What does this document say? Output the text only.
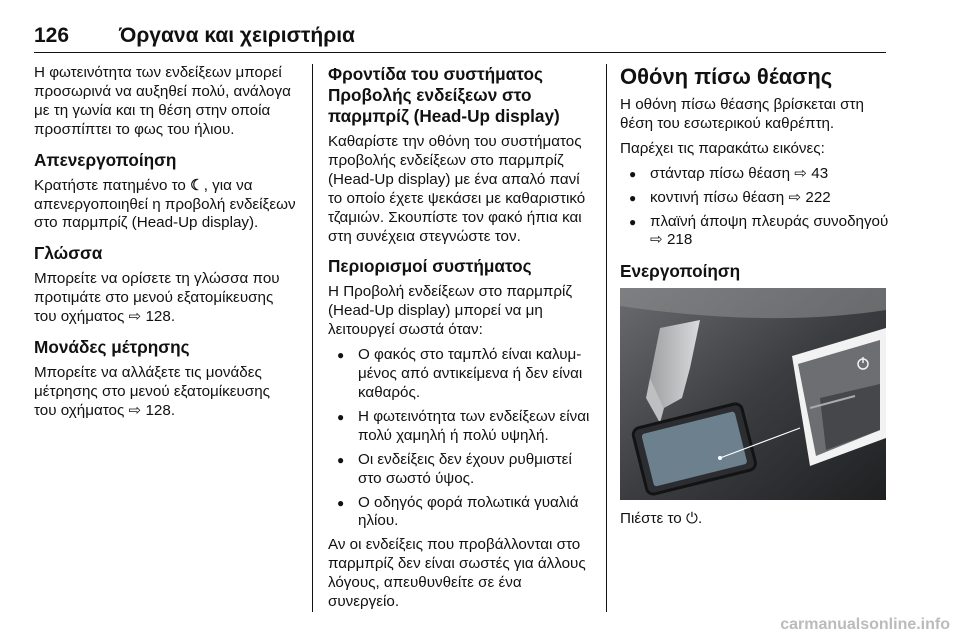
126 Όργανα και χειριστήρια

Η φωτεινότητα των ενδείξεων μπορεί προσωρινά να αυξηθεί πολύ, ανάλογα με τη γωνία και τη θέση στην οποία προσπίπτει το φως του ήλιου.

Απενεργοποίηση

Κρατήστε πατημένο το ☾, για να απενεργοποιηθεί η προβολή ενδείξεων στο παρμπρίζ (Head-Up display).

Γλώσσα

Μπορείτε να ορίσετε τη γλώσσα που προτιμάτε στο μενού εξατομίκευσης του οχήματος ⇨ 128.

Μονάδες μέτρησης

Μπορείτε να αλλάξετε τις μονάδες μέτρησης στο μενού εξατομίκευσης του οχήματος ⇨ 128.

Φροντίδα του συστήματος Προβολής ενδείξεων στο παρμπρίζ (Head-Up display)

Καθαρίστε την οθόνη του συστήματος προβολής ενδείξεων στο παρμπρίζ (Head-Up display) με ένα απαλό πανί το οποίο έχετε ψεκάσει με καθαριστικό τζαμιών. Σκουπίστε τον φακό ήπια και στη συνέχεια στεγνώστε τον.

Περιορισμοί συστήματος

Η Προβολή ενδείξεων στο παρμπρίζ (Head-Up display) μπορεί να μη λειτουργεί σωστά όταν:

● Ο φακός στο ταμπλό είναι καλυμμένος από αντικείμενα ή δεν είναι καθαρός.
● Η φωτεινότητα των ενδείξεων είναι πολύ χαμηλή ή πολύ υψηλή.
● Οι ενδείξεις δεν έχουν ρυθμιστεί στο σωστό ύψος.
● Ο οδηγός φορά πολωτικά γυαλιά ηλίου.

Αν οι ενδείξεις που προβάλλονται στο παρμπρίζ δεν είναι σωστές για άλλους λόγους, απευθυνθείτε σε ένα συνεργείο.

Οθόνη πίσω θέασης

Η οθόνη πίσω θέασης βρίσκεται στη θέση του εσωτερικού καθρέπτη.

Παρέχει τις παρακάτω εικόνες:

● στάνταρ πίσω θέαση ⇨ 43
● κοντινή πίσω θέαση ⇨ 222
● πλαϊνή άποψη πλευράς συνοδηγού ⇨ 218
Ενεργοποίηση

Πιέστε το ⏻.

carmanualsonline.info
